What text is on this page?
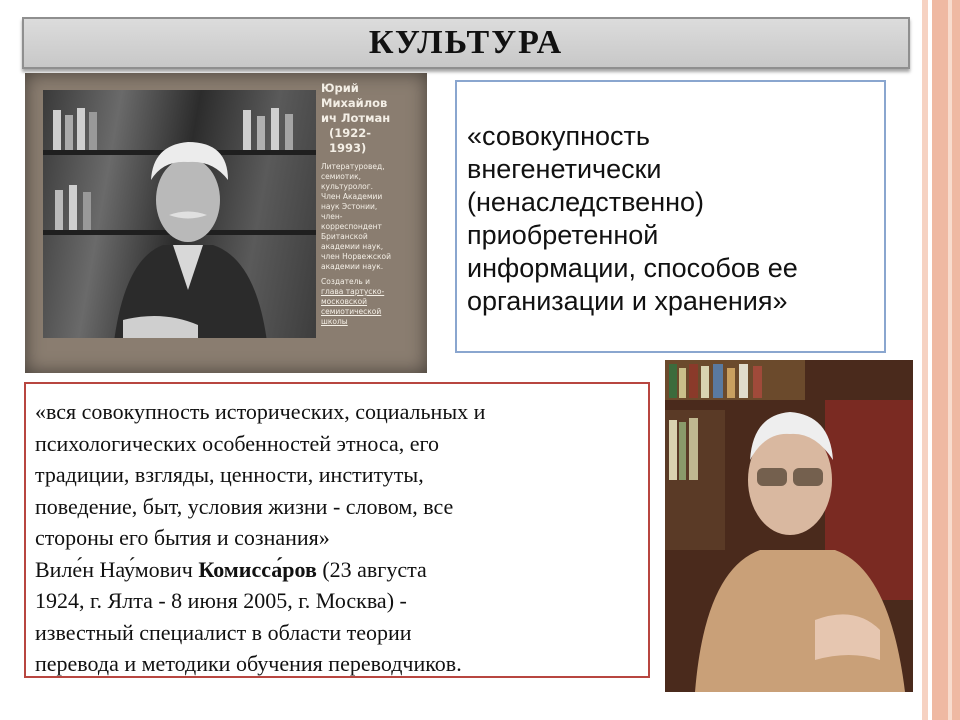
КУЛЬТУРА
Юрий
Михайлов
ич Лотман
(1922-
1993)
Литературовед,
семиотик,
культуролог.
Член Академии
наук Эстонии,
член-
корреспондент
Британской
академии наук,
член Норвежской
академии наук.
Создатель и
глава тартуско-
московской
семиотической
школы
«совокупность
внегенетически
(ненаследственно)
приобретенной
информации, способов ее
организации и хранения»
«вся совокупность исторических, социальных и
психологических особенностей этноса, его
традиции, взгляды, ценности, институты,
поведение, быт, условия жизни - словом, все
стороны его бытия и сознания»
Виле́н Нау́мович Комисса́ров (23 августа
1924, г. Ялта - 8 июня 2005, г. Москва) -
известный специалист в области теории
перевода и методики обучения переводчиков.
